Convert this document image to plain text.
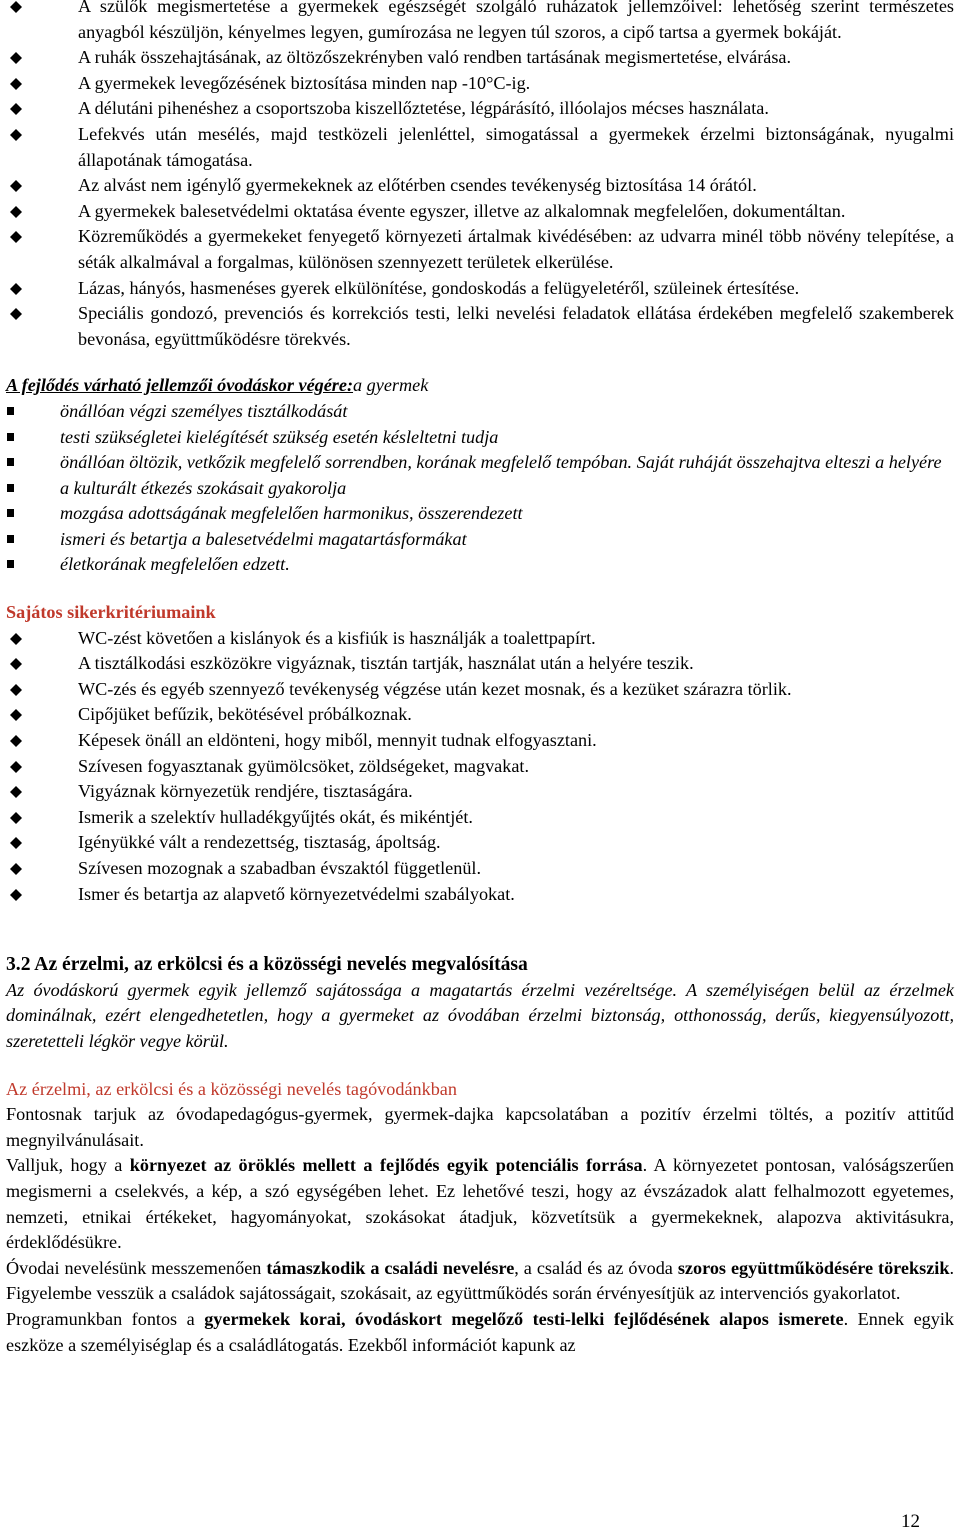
A szülők megismertetése a gyermekek egészségét szolgáló ruházatok jellemzőivel: lehetőség szerint természetes anyagból készüljön, kényelmes legyen, gumírozása ne legyen túl szoros, a cipő tartsa a gyermek bokáját.
A ruhák összehajtásának, az öltözőszekrényben való rendben tartásának megismertetése, elvárása.
A gyermekek levegőzésének biztosítása minden nap -10°C-ig.
A délutáni pihenéshez a csoportszoba kiszellőztetése, légpárásító, illóolajos mécses használata.
Lefekvés után mesélés, majd testközeli jelenléttel, simogatással a gyermekek érzelmi biztonságának, nyugalmi állapotának támogatása.
Az alvást nem igénylő gyermekeknek az előtérben csendes tevékenység biztosítása 14 órától.
A gyermekek balesetvédelmi oktatása évente egyszer, illetve az alkalomnak megfelelően, dokumentáltan.
Közreműködés a gyermekeket fenyegető környezeti ártalmak kivédésében: az udvarra minél több növény telepítése, a séták alkalmával a forgalmas, különösen szennyezett területek elkerülése.
Lázas, hányós, hasmenéses gyerek elkülönítése, gondoskodás a felügyeletéről, szüleinek értesítése.
Speciális gondozó, prevenciós és korrekciós testi, lelki nevelési feladatok ellátása érdekében megfelelő szakemberek bevonása, együttműködésre törekvés.
A fejlődés várható jellemzői óvodáskor végére:a gyermek
önállóan végzi személyes tisztálkodását
testi szükségletei kielégítését szükség esetén késleltetni tudja
önállóan öltözik, vetkőzik megfelelő sorrendben, korának megfelelő tempóban. Saját ruháját összehajtva elteszi a helyére
a kulturált étkezés szokásait gyakorolja
mozgása adottságának megfelelően harmonikus, összerendezett
ismeri és betartja a balesetvédelmi magatartásformákat
életkorának megfelelően edzett.
Sajátos sikerkritériumaink
WC-zést követően a kislányok és a kisfiúk is használják a toalettpapírt.
A tisztálkodási eszközökre vigyáznak, tisztán tartják, használat után a helyére teszik.
WC-zés és egyéb szennyező tevékenység végzése után kezet mosnak, és a kezüket szárazra törlik.
Cipőjüket befűzik, bekötésével próbálkoznak.
Képesek önáll an eldönteni, hogy miből, mennyit tudnak elfogyasztani.
Szívesen fogyasztanak gyümölcsöket, zöldségeket, magvakat.
Vigyáznak környezetük rendjére, tisztaságára.
Ismerik a szelektív hulladékgyűjtés okát, és mikéntjét.
Igényükké vált a rendezettség, tisztaság, ápoltság.
Szívesen mozognak a szabadban évszaktól függetlenül.
Ismer és betartja az alapvető környezetvédelmi szabályokat.
3.2 Az érzelmi, az erkölcsi és a közösségi nevelés megvalósítása
Az óvodáskorú gyermek egyik jellemző sajátossága a magatartás érzelmi vezéreltsége. A személyiségen belül az érzelmek dominálnak, ezért elengedhetetlen, hogy a gyermeket az óvodában érzelmi biztonság, otthonosság, derűs, kiegyensúlyozott, szeretetteli légkör vegye körül.
Az érzelmi, az erkölcsi és a közösségi nevelés tagóvodánkban
Fontosnak tarjuk az óvodapedagógus-gyermek, gyermek-dajka kapcsolatában a pozitív érzelmi töltés, a pozitív attitűd megnyilvánulásait.
Valljuk, hogy a környezet az öröklés mellett a fejlődés egyik potenciális forrása. A környezetet pontosan, valóságszerűen megismerni a cselekvés, a kép, a szó egységében lehet. Ez lehetővé teszi, hogy az évszázadok alatt felhalmozott egyetemes, nemzeti, etnikai értékeket, hagyományokat, szokásokat átadjuk, közvetítsük a gyermekeknek, alapozva aktivitásukra, érdeklődésükre.
Óvodai nevelésünk messzemenően támaszkodik a családi nevelésre, a család és az óvoda szoros együttműködésére törekszik. Figyelembe vesszük a családok sajátosságait, szokásait, az együttműködés során érvényesítjük az intervenciós gyakorlatot.
Programunkban fontos a gyermekek korai, óvodáskort megelőző testi-lelki fejlődésének alapos ismerete. Ennek egyik eszköze a személyiséglap és a családlátogatás. Ezekből információt kapunk az
12
